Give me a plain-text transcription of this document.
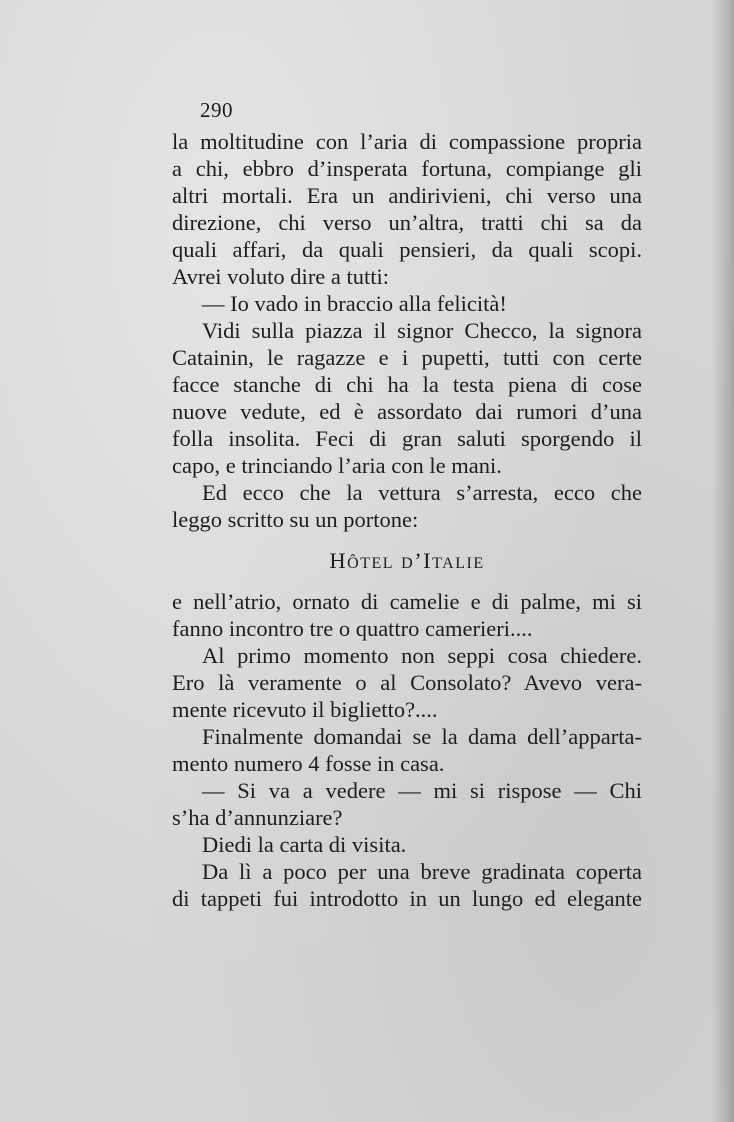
290
la moltitudine con l’aria di compassione propria
a chi, ebbro d’insperata fortuna, compiange gli
altri mortali. Era un andirivieni, chi verso una
direzione, chi verso un’altra, tratti chi sa da
quali affari, da quali pensieri, da quali scopi.
Avrei voluto dire a tutti:
— Io vado in braccio alla felicità!
Vidi sulla piazza il signor Checco, la signora
Catainin, le ragazze e i pupetti, tutti con certe
facce stanche di chi ha la testa piena di cose
nuove vedute, ed è assordato dai rumori d’una
folla insolita. Feci di gran saluti sporgendo il
capo, e trinciando l’aria con le mani.
Ed ecco che la vettura s’arresta, ecco che
leggo scritto su un portone:
Hôtel d’Italie
e nell’atrio, ornato di camelie e di palme, mi si
fanno incontro tre o quattro camerieri....
Al primo momento non seppi cosa chiedere.
Ero là veramente o al Consolato? Avevo vera-
mente ricevuto il biglietto?....
Finalmente domandai se la dama dell’apparta-
mento numero 4 fosse in casa.
— Si va a vedere — mi si rispose — Chi
s’ha d’annunziare?
Diedi la carta di visita.
Da lì a poco per una breve gradinata coperta
di tappeti fui introdotto in un lungo ed elegante
